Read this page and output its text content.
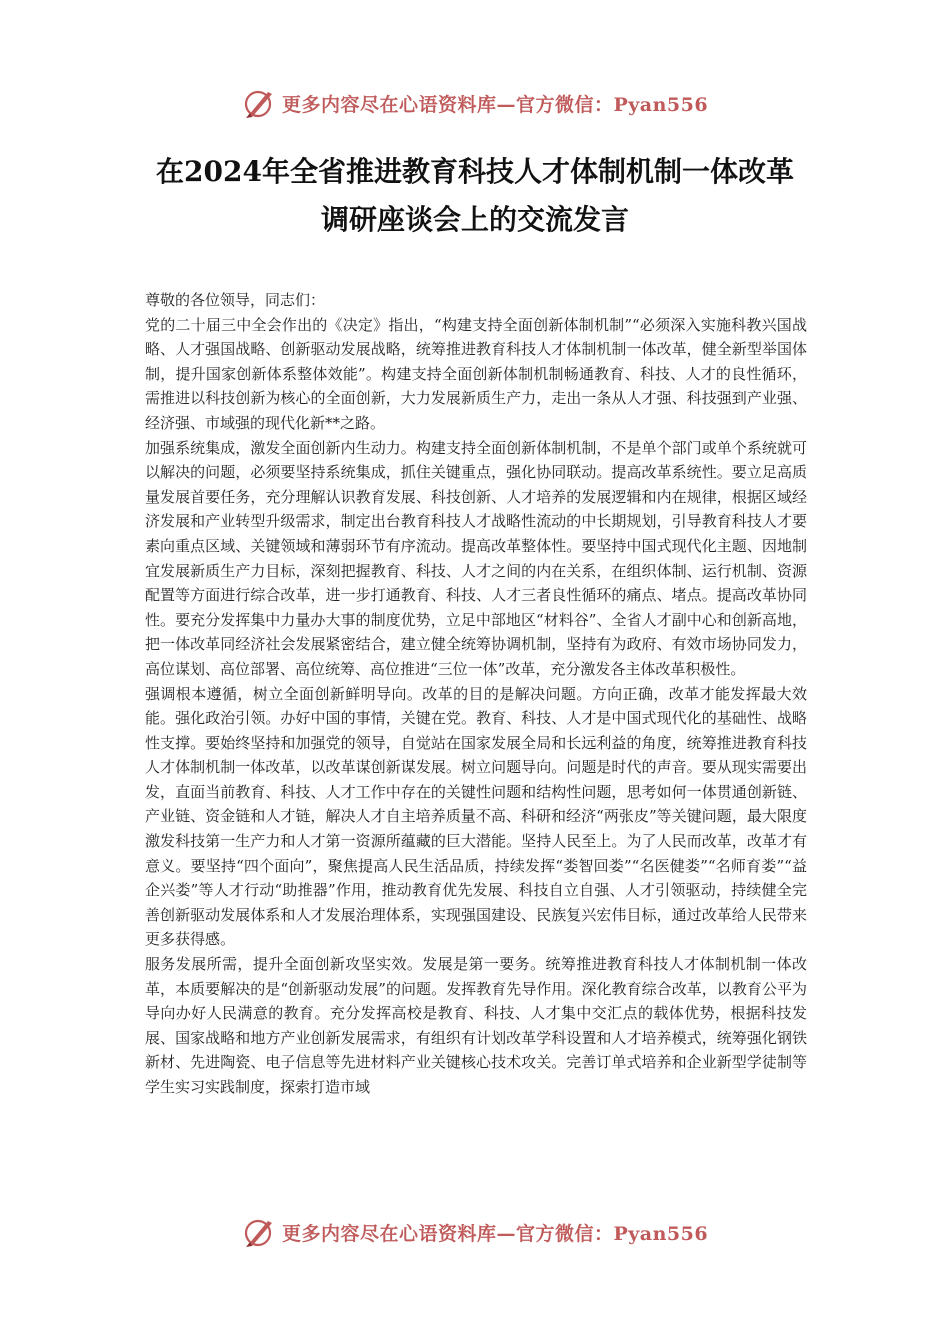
更多内容尽在心语资料库—官方微信：Pyan556
在2024年全省推进教育科技人才体制机制一体改革
调研座谈会上的交流发言

尊敬的各位领导，同志们：

党的二十届三中全会作出的《决定》指出，“构建支持全面创新体制机制”“必须深入实施科教兴国战略、人才强国战略、创新驱动发展战略，统筹推进教育科技人才体制机制一体改革，健全新型举国体制，提升国家创新体系整体效能”。构建支持全面创新体制机制畅通教育、科技、人才的良性循环，需推进以科技创新为核心的全面创新，大力发展新质生产力，走出一条从人才强、科技强到产业强、经济强、市域强的现代化新**之路。

加强系统集成，激发全面创新内生动力。构建支持全面创新体制机制，不是单个部门或单个系统就可以解决的问题，必须要坚持系统集成，抓住关键重点，强化协同联动。提高改革系统性。要立足高质量发展首要任务，充分理解认识教育发展、科技创新、人才培养的发展逻辑和内在规律，根据区域经济发展和产业转型升级需求，制定出台教育科技人才战略性流动的中长期规划，引导教育科技人才要素向重点区域、关键领域和薄弱环节有序流动。提高改革整体性。要坚持中国式现代化主题、因地制宜发展新质生产力目标，深刻把握教育、科技、人才之间的内在关系，在组织体制、运行机制、资源配置等方面进行综合改革，进一步打通教育、科技、人才三者良性循环的痛点、堵点。提高改革协同性。要充分发挥集中力量办大事的制度优势，立足中部地区“材料谷”、全省人才副中心和创新高地，把一体改革同经济社会发展紧密结合，建立健全统筹协调机制，坚持有为政府、有效市场协同发力，高位谋划、高位部署、高位统筹、高位推进“三位一体”改革，充分激发各主体改革积极性。

强调根本遵循，树立全面创新鲜明导向。改革的目的是解决问题。方向正确，改革才能发挥最大效能。强化政治引领。办好中国的事情，关键在党。教育、科技、人才是中国式现代化的基础性、战略性支撑。要始终坚持和加强党的领导，自觉站在国家发展全局和长远利益的角度，统筹推进教育科技人才体制机制一体改革，以改革谋创新谋发展。树立问题导向。问题是时代的声音。要从现实需要出发，直面当前教育、科技、人才工作中存在的关键性问题和结构性问题，思考如何一体贯通创新链、产业链、资金链和人才链，解决人才自主培养质量不高、科研和经济“两张皮”等关键问题，最大限度激发科技第一生产力和人才第一资源所蕴藏的巨大潜能。坚持人民至上。为了人民而改革，改革才有意义。要坚持“四个面向”，聚焦提高人民生活品质，持续发挥“娄智回娄”“名医健娄”“名师育娄”“益企兴娄”等人才行动“助推器”作用，推动教育优先发展、科技自立自强、人才引领驱动，持续健全完善创新驱动发展体系和人才发展治理体系，实现强国建设、民族复兴宏伟目标，通过改革给人民带来更多获得感。

服务发展所需，提升全面创新攻坚实效。发展是第一要务。统筹推进教育科技人才体制机制一体改革，本质要解决的是“创新驱动发展”的问题。发挥教育先导作用。深化教育综合改革，以教育公平为导向办好人民满意的教育。充分发挥高校是教育、科技、人才集中交汇点的载体优势，根据科技发展、国家战略和地方产业创新发展需求，有组织有计划改革学科设置和人才培养模式，统筹强化钢铁新材、先进陶瓷、电子信息等先进材料产业关键核心技术攻关。完善订单式培养和企业新型学徒制等学生实习实践制度，探索打造市域

更多内容尽在心语资料库—官方微信：Pyan556
